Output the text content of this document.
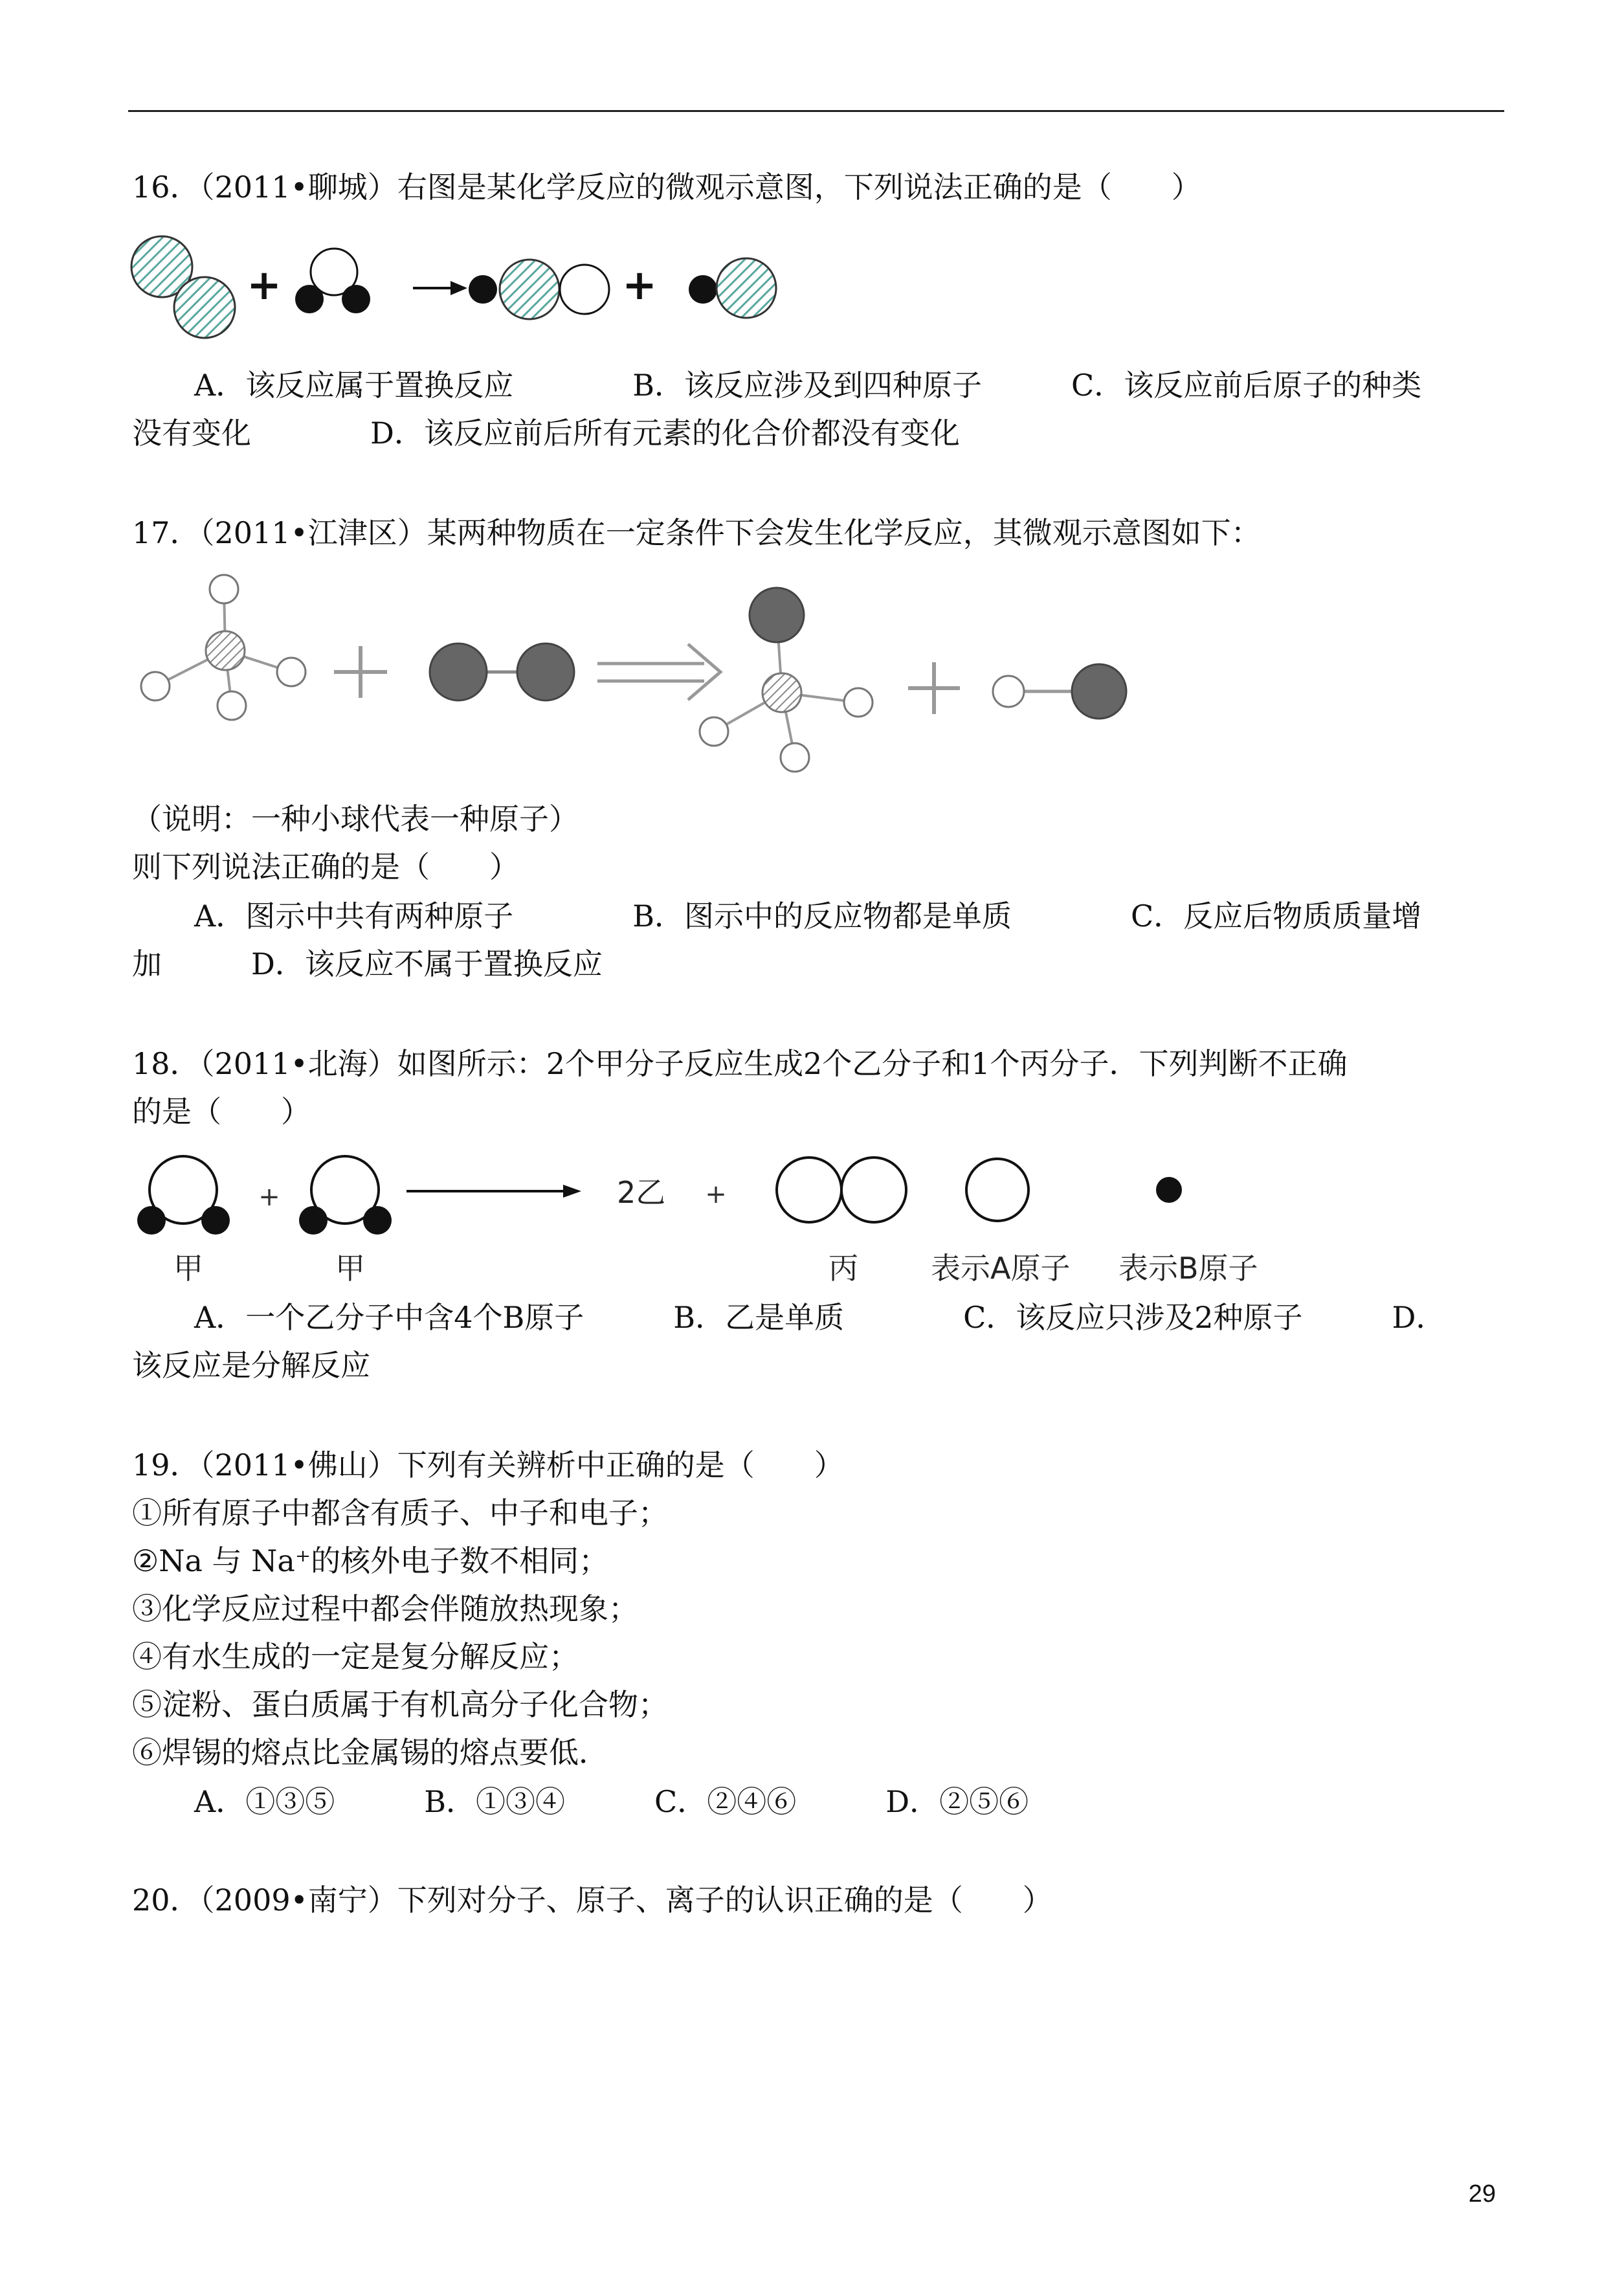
16．（2011•聊城）右图是某化学反应的微观示意图，下列说法正确的是（　　）
+	+
A．该反应属于置换反应　　　　B．该反应涉及到四种原子　　　C．该反应前后原子的种类
没有变化　　　　D．该反应前后所有元素的化合价都没有变化
17．（2011•江津区）某两种物质在一定条件下会发生化学反应，其微观示意图如下：
（说明：一种小球代表一种原子）
则下列说法正确的是（　　）
A．图示中共有两种原子　　　　B．图示中的反应物都是单质　　　　C．反应后物质质量增
加　　　D．该反应不属于置换反应
18．（2011•北海）如图所示：2个甲分子反应生成2个乙分子和1个丙分子．下列判断不正确
的是（　　）
甲
+
甲
2乙 +
丙 表示A原子 表示B原子
A．一个乙分子中含4个B原子　　　B．乙是单质　　　　C．该反应只涉及2种原子　　　D．
该反应是分解反应
19．（2011•佛山）下列有关辨析中正确的是（　　）
①所有原子中都含有质子、中子和电子；
②Na 与 Na⁺的核外电子数不相同；
③化学反应过程中都会伴随放热现象；
④有水生成的一定是复分解反应；
⑤淀粉、蛋白质属于有机高分子化合物；
⑥焊锡的熔点比金属锡的熔点要低．
A．①③⑤　　　B．①③④　　　C．②④⑥　　　D．②⑤⑥
20．（2009•南宁）下列对分子、原子、离子的认识正确的是（　　）
29
